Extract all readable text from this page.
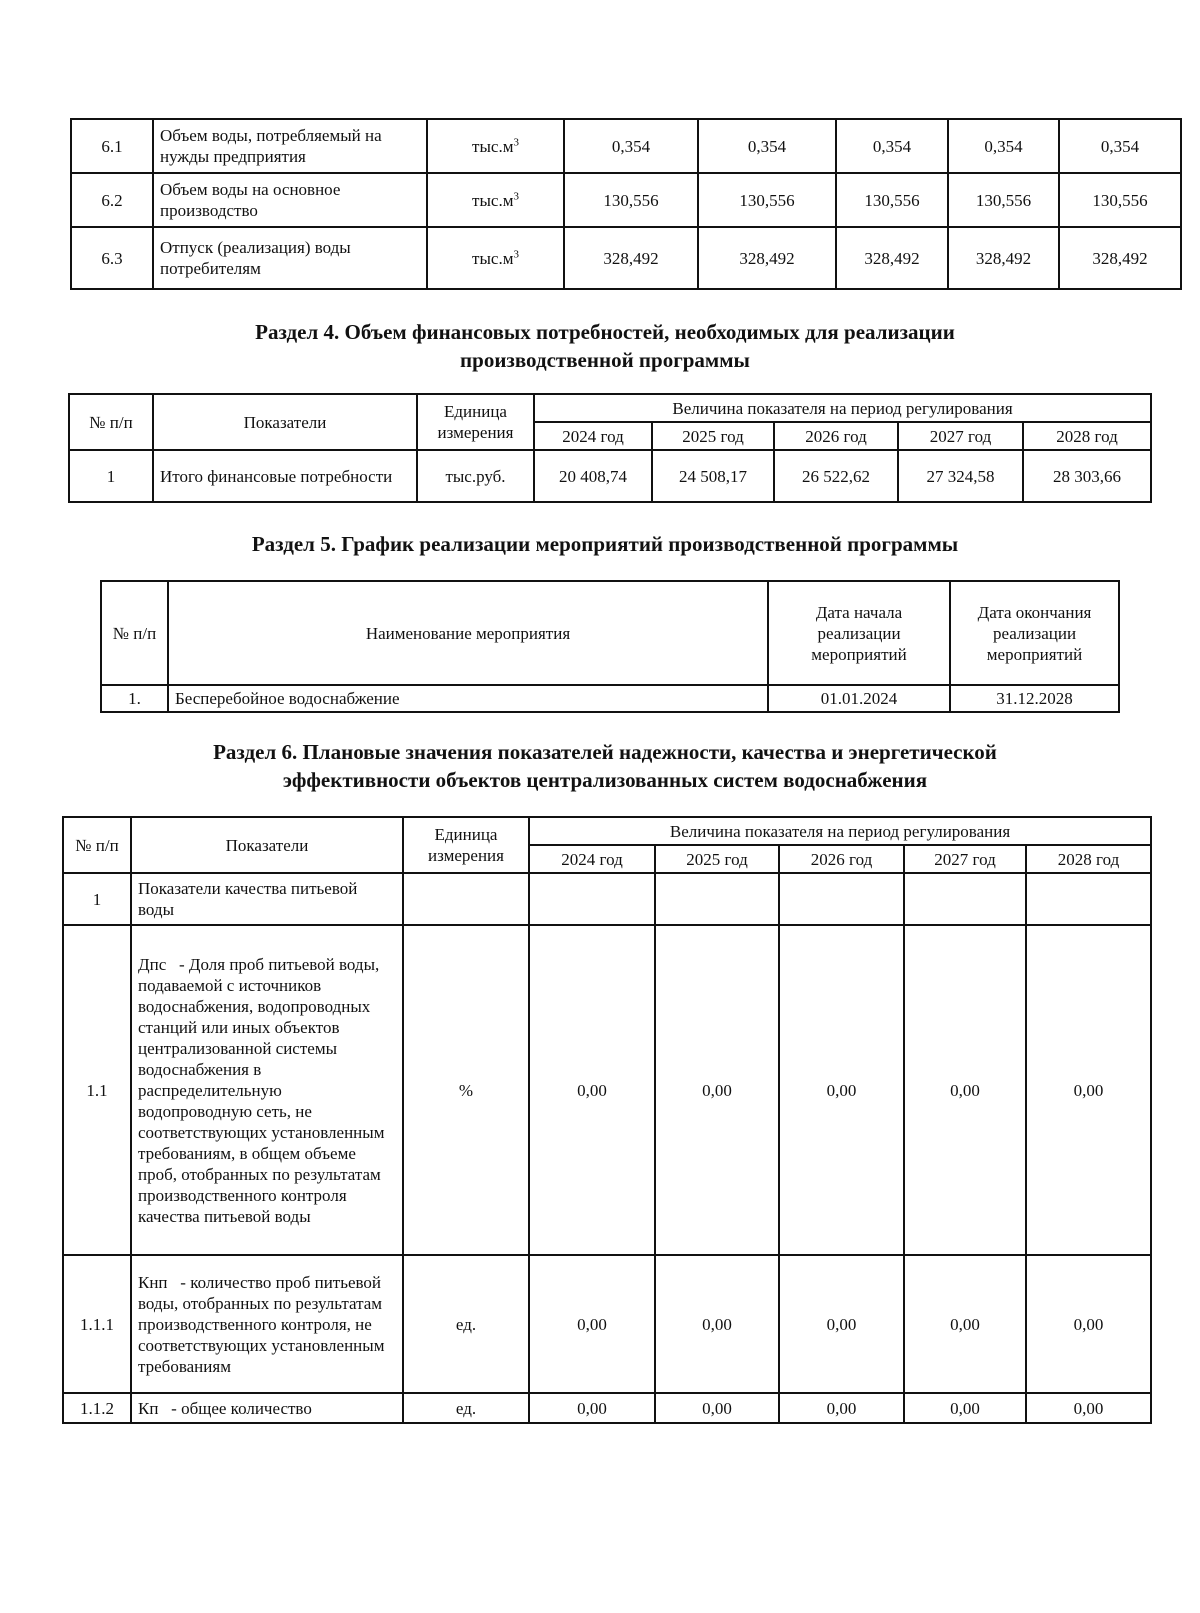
6.1	Объем воды, потребляемый на нужды предприятия	$тыс.м^3$	0,354	0,354	0,354	0,354	0,354
6.2	Объем воды на основное производство	$тыс.м^3$	130,556	130,556	130,556	130,556	130,556
6.3	Отпуск (реализация) воды потребителям	$тыс.м^3$	328,492	328,492	328,492	328,492	328,492
Раздел 4. Объем финансовых потребностей, необходимых для реализации
производственной программы
№ п/п	Показатели	Единица измерения	Величина показателя на период регулирования				
			2024 год	2025 год	2026 год	2027 год	2028 год
1	Итого финансовые потребности	тыс.руб.	20 408,74	24 508,17	26 522,62	27 324,58	28 303,66
Раздел 5. График реализации мероприятий производственной программы
№ п/п	Наименование мероприятия	Дата начала реализации мероприятий	Дата окончания реализации мероприятий
1.	Бесперебойное водоснабжение	01.01.2024	31.12.2028
Раздел 6. Плановые значения показателей надежности, качества и энергетической
эффективности объектов централизованных систем водоснабжения
№ п/п	Показатели	Единица измерения	Величина показателя на период регулирования				
			2024 год	2025 год	2026 год	2027 год	2028 год
1	Показатели качества питьевой воды						
1.1	Дпс   - Доля проб питьевой воды, подаваемой с источников водоснабжения, водопроводных станций или иных объектов централизованной системы водоснабжения в распределительную водопроводную сеть, не соответствующих установленным требованиям, в общем объеме проб, отобранных по результатам производственного контроля качества питьевой воды	%	0,00	0,00	0,00	0,00	0,00
1.1.1	Кнп   - количество проб питьевой воды, отобранных по результатам производственного контроля, не соответствующих установленным требованиям	ед.	0,00	0,00	0,00	0,00	0,00
1.1.2	Кп   - общее количество	ед.	0,00	0,00	0,00	0,00	0,00
